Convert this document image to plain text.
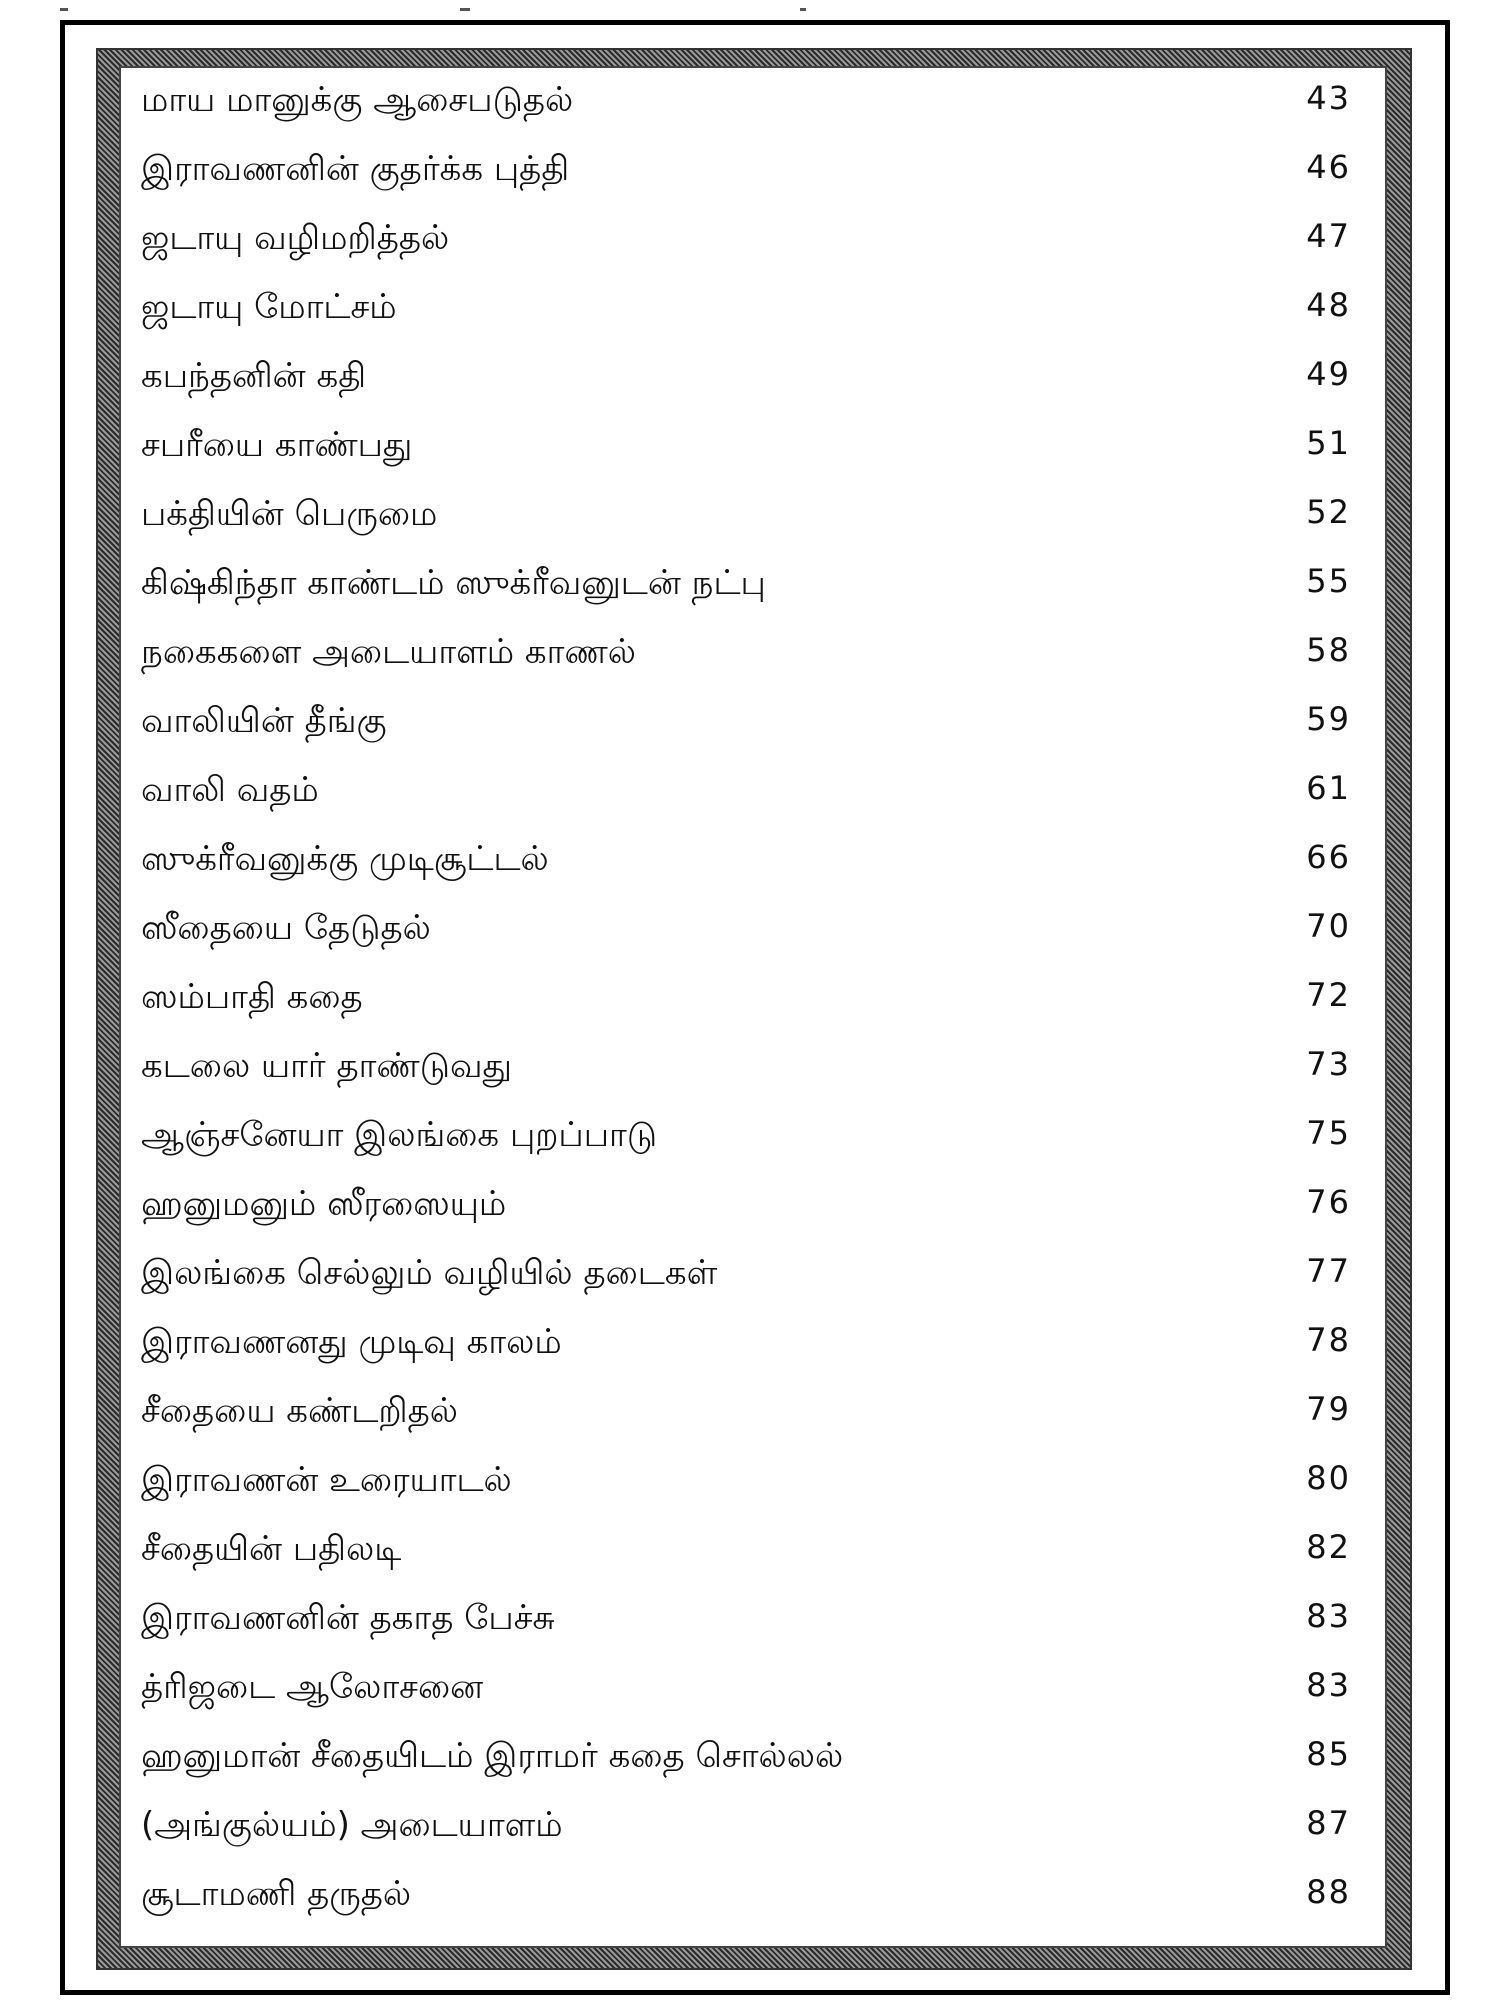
மாய மானுக்கு ஆசைபடுதல்	43
இராவணனின் குதர்க்க புத்தி	46
ஜடாயு வழிமறித்தல்	47
ஜடாயு மோட்சம்	48
கபந்தனின் கதி	49
சபரீயை காண்பது	51
பக்தியின் பெருமை	52
கிஷ்கிந்தா காண்டம் ஸுக்ரீவனுடன் நட்பு	55
நகைகளை அடையாளம் காணல்	58
வாலியின் தீங்கு	59
வாலி வதம்	61
ஸுக்ரீவனுக்கு முடிசூட்டல்	66
ஸீதையை தேடுதல்	70
ஸம்பாதி கதை	72
கடலை யார் தாண்டுவது	73
ஆஞ்சனேயா இலங்கை புறப்பாடு	75
ஹனுமனும் ஸீரஸையும்	76
இலங்கை செல்லும் வழியில் தடைகள்	77
இராவணனது முடிவு காலம்	78
சீதையை கண்டறிதல்	79
இராவணன் உரையாடல்	80
சீதையின் பதிலடி	82
இராவணனின் தகாத பேச்சு	83
த்ரிஜடை ஆலோசனை	83
ஹனுமான் சீதையிடம் இராமர் கதை சொல்லல்	85
(அங்குல்யம்) அடையாளம்	87
சூடாமணி தருதல்	88
